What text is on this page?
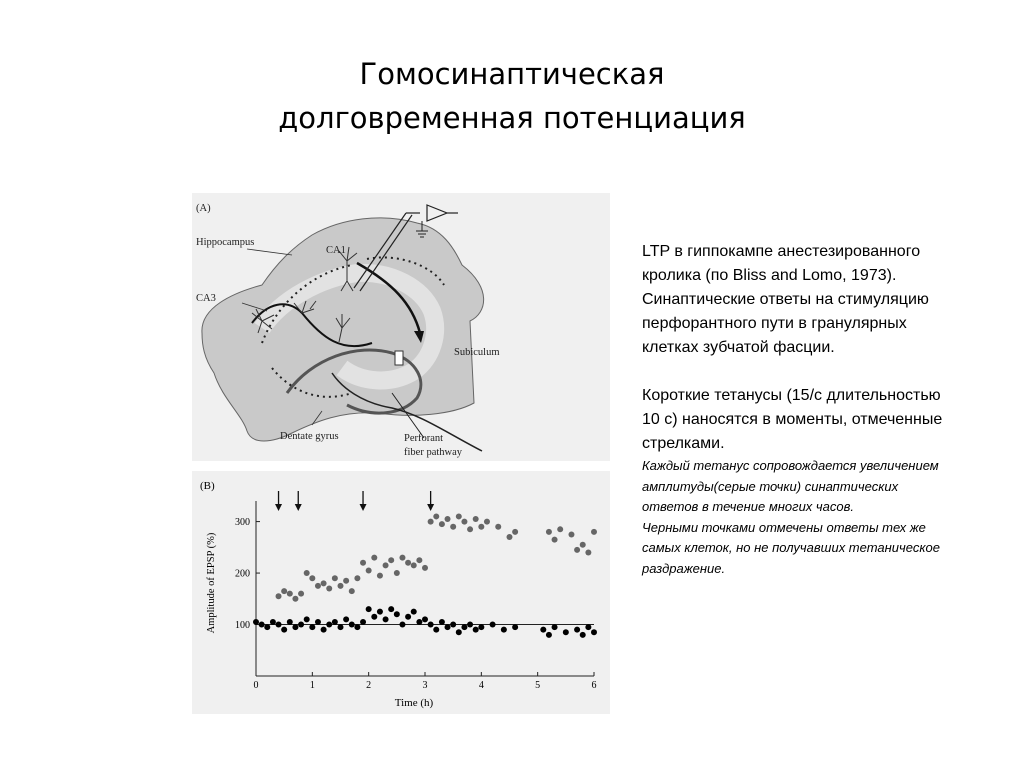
Гомосинаптическая
долговременная потенциация
(A)
Hippocampus
CA1
CA3
Subiculum
Dentate gyrus	Perforant
fiber pathway
(B)
Amplitude of EPSP (%)
Time (h)
0	1	2	3	4	5	6
100
200
300

LTP в гиппокампе анестезированного кролика (по Bliss and Lomo, 1973). Синаптические ответы на стимуляцию перфорантного пути в гранулярных клетках зубчатой фасции.

Короткие тетанусы (15/с длительностью 10 с) наносятся в моменты, отмеченные стрелками.

Каждый тетанус сопровождается увеличением амплитуды(серые точки) синаптических ответов в течение многих часов.

Черными точками отмечены ответы тех же самых клеток, но не получавших тетаническое раздражение.
